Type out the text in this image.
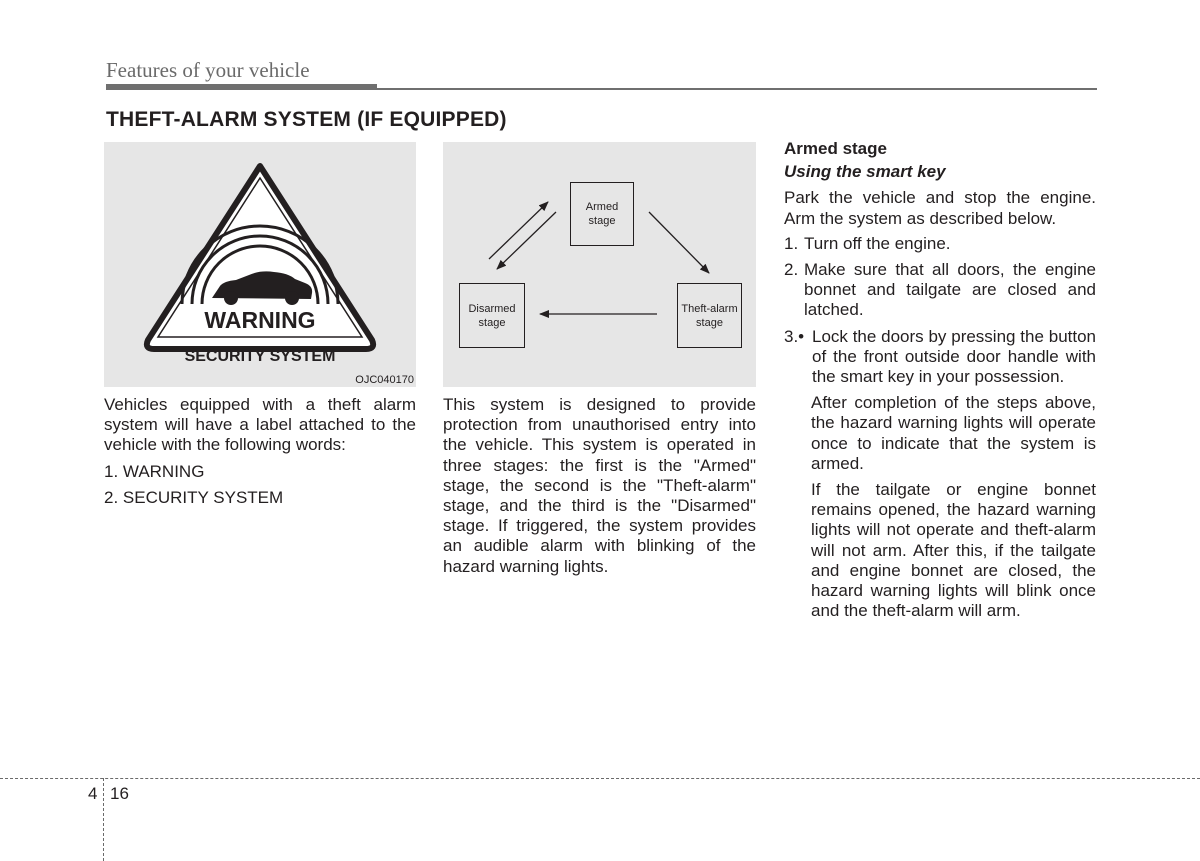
Features of your vehicle
THEFT-ALARM SYSTEM (IF EQUIPPED)
WARNING
SECURITY SYSTEM
OJC040170
Armed
stage
Disarmed
stage
Theft-alarm
stage

Vehicles equipped with a theft alarm system will have a label attached to the vehicle with the following words:

1. WARNING

2. SECURITY SYSTEM

This system is designed to provide protection from unauthorised entry into the vehicle. This system is operated in three stages: the first is the "Armed" stage, the second is the "Theft-alarm" stage, and the third is the "Disarmed" stage. If triggered, the system provides an audible alarm with blinking of the hazard warning lights.

Armed stage

Using the smart key

Park the vehicle and stop the engine. Arm the system as described below.

1. Turn off the engine.
2. Make sure that all doors, the engine bonnet and tailgate are closed and latched.
3.• Lock the doors by pressing the button of the front outside door handle with the smart key in your possession.

After completion of the steps above, the hazard warning lights will operate once to indicate that the system is armed.

If the tailgate or engine bonnet remains opened, the hazard warning lights will not operate and theft-alarm will not arm. After this, if the tailgate and engine bonnet are closed, the hazard warning lights will blink once and the theft-alarm will arm.

4 16
